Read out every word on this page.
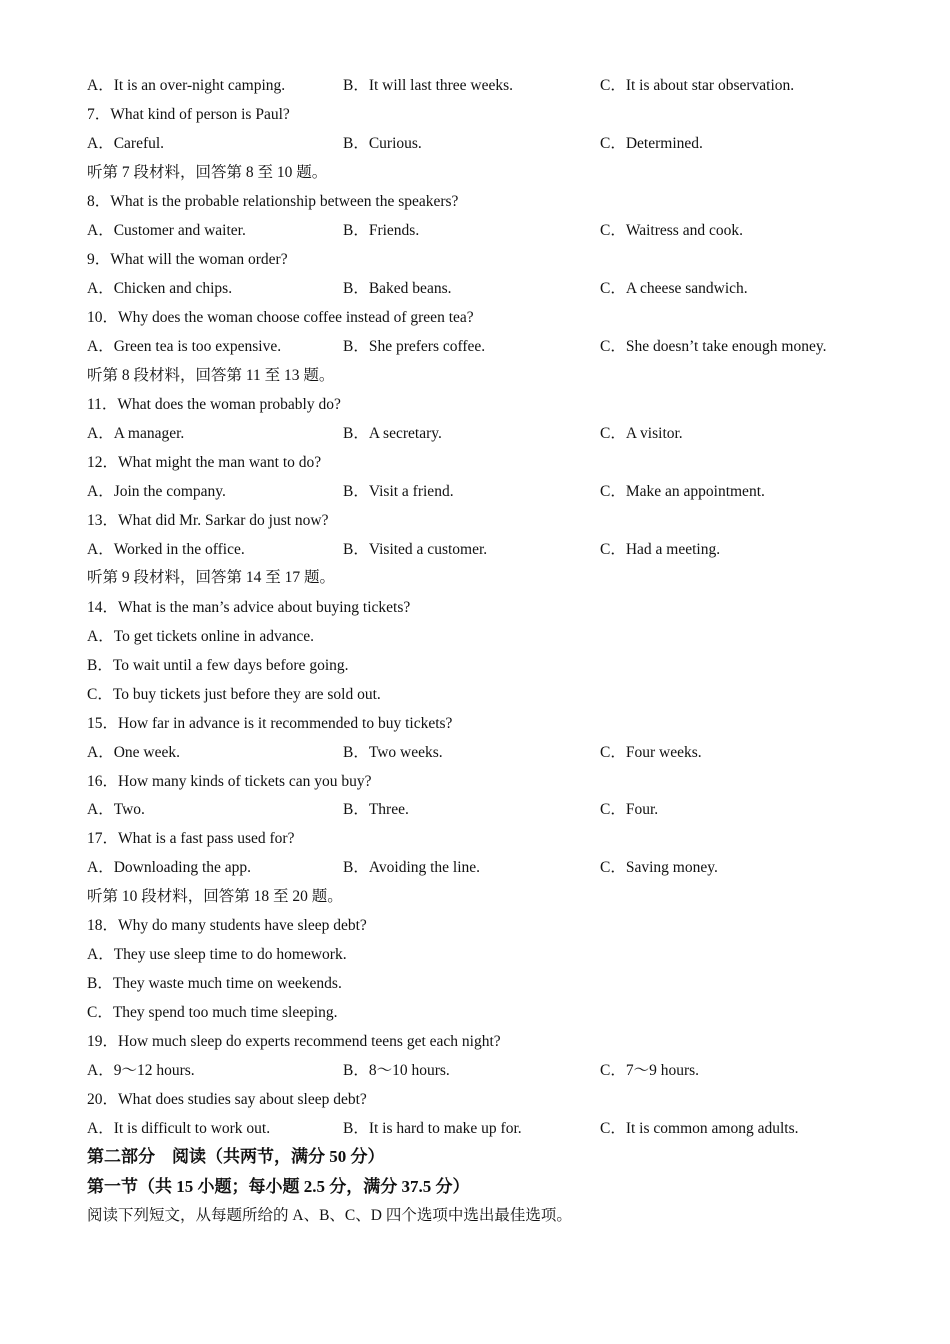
A．It is an over-night camping.	B．It will last three weeks.	C．It is about star observation.
7．What kind of person is Paul?
A．Careful.	B．Curious.	C．Determined.
听第 7 段材料，回答第 8 至 10 题。
8．What is the probable relationship between the speakers?
A．Customer and waiter.	B．Friends.	C．Waitress and cook.
9．What will the woman order?
A．Chicken and chips.	B．Baked beans.	C．A cheese sandwich.
10．Why does the woman choose coffee instead of green tea?
A．Green tea is too expensive.	B．She prefers coffee.	C．She doesn’t take enough money.
听第 8 段材料，回答第 11 至 13 题。
11．What does the woman probably do?
A．A manager.	B．A secretary.	C．A visitor.
12．What might the man want to do?
A．Join the company.	B．Visit a friend.	C．Make an appointment.
13．What did Mr. Sarkar do just now?
A．Worked in the office.	B．Visited a customer.	C．Had a meeting.
听第 9 段材料，回答第 14 至 17 题。
14．What is the man’s advice about buying tickets?
A．To get tickets online in advance.
B．To wait until a few days before going.
C．To buy tickets just before they are sold out.
15．How far in advance is it recommended to buy tickets?
A．One week.	B．Two weeks.	C．Four weeks.
16．How many kinds of tickets can you buy?
A．Two.	B．Three.	C．Four.
17．What is a fast pass used for?
A．Downloading the app.	B．Avoiding the line.	C．Saving money.
听第 10 段材料，回答第 18 至 20 题。
18．Why do many students have sleep debt?
A．They use sleep time to do homework.
B．They waste much time on weekends.
C．They spend too much time sleeping.
19．How much sleep do experts recommend teens get each night?
A．9～12 hours.	B．8～10 hours.	C．7～9 hours.
20．What does studies say about sleep debt?
A．It is difficult to work out.	B．It is hard to make up for.	C．It is common among adults.
第二部分　阅读（共两节，满分 50 分）
第一节（共 15 小题；每小题 2.5 分，满分 37.5 分）
阅读下列短文，从每题所给的 A、B、C、D 四个选项中选出最佳选项。
